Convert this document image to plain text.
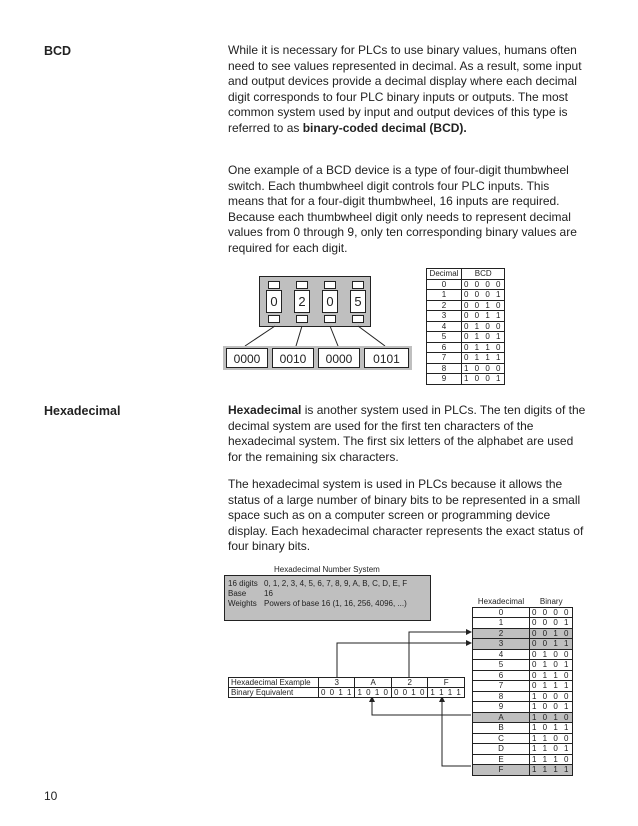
BCD	While it is necessary for PLCs to use binary values, humans often need to see values represented in decimal. As a result, some input and output devices provide a decimal display where each decimal digit corresponds to four PLC binary inputs or outputs. The most common system used by input and output devices of this type is referred to as binary-coded decimal (BCD).

One example of a BCD device is a type of four-digit thumbwheel switch. Each thumbwheel digit controls four PLC inputs. This means that for a four-digit thumbwheel, 16 inputs are required. Because each thumbwheel digit only needs to represent decimal values from 0 through 9, only ten corresponding binary values are required for each digit.

0	2	0	5
0000	0010	0000	0101
Decimal	BCD
0	0 0 0 0
1	0 0 0 1
2	0 0 1 0
3	0 0 1 1
4	0 1 0 0
5	0 1 0 1
6	0 1 1 0
7	0 1 1 1
8	1 0 0 0
9	1 0 0 1
Hexadecimal	Hexadecimal is another system used in PLCs. The ten digits of the decimal system are used for the first ten characters of the hexadecimal system. The first six letters of the alphabet are used for the remaining six characters.

The hexadecimal system is used in PLCs because it allows the status of a large number of binary bits to be represented in a small space such as on a computer screen or programming device display. Each hexadecimal character represents the exact status of four binary bits.

Hexadecimal Number System
16 digits 0, 1, 2, 3, 4, 5, 6, 7, 8, 9, A, B, C, D, E, F
Base 16
Weights Powers of base 16 (1, 16, 256, 4096, ...)
Hexadecimal Example	3	A	2	F
Binary Equivalent	0 0 1 1	1 0 1 0	0 0 1 0	1 1 1 1
Hexadecimal	Binary
0	0 0 0 0
1	0 0 0 1
2	0 0 1 0
3	0 0 1 1
4	0 1 0 0
5	0 1 0 1
6	0 1 1 0
7	0 1 1 1
8	1 0 0 0
9	1 0 0 1
A	1 0 1 0
B	1 0 1 1
C	1 1 0 0
D	1 1 0 1
E	1 1 1 0
F	1 1 1 1
10
